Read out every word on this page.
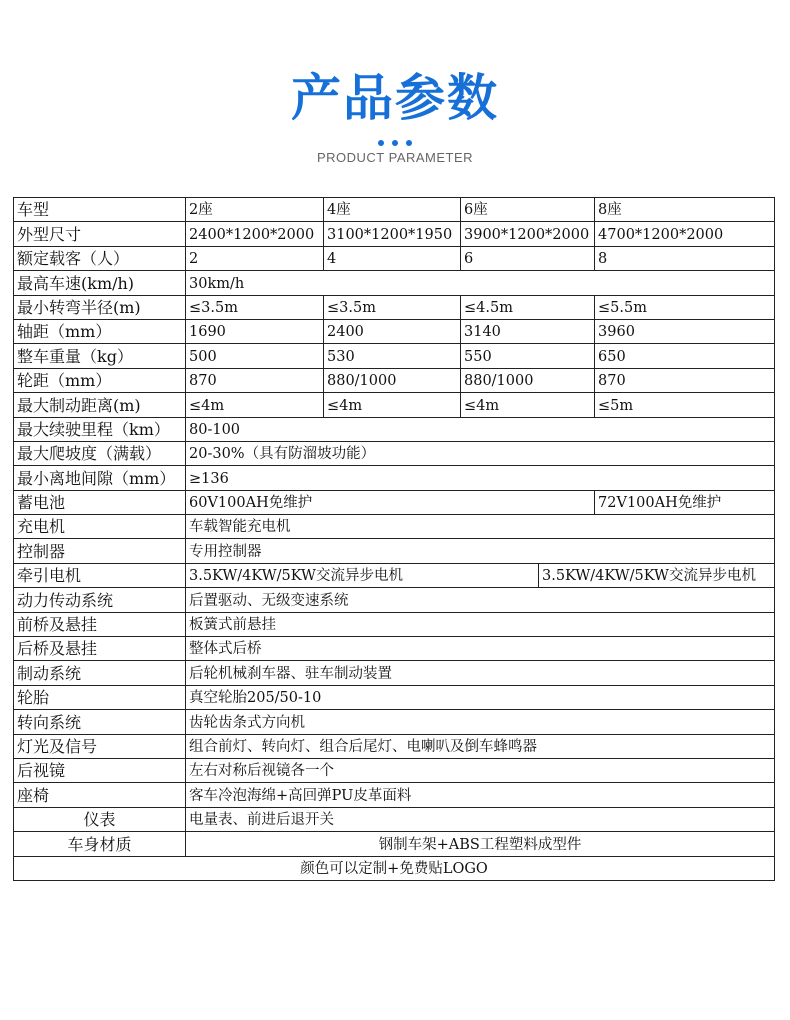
产品参数
PRODUCT PARAMETER
车型	2座	4座	6座		8座
外型尺寸	2400*1200*2000	3100*1200*1950	3900*1200*2000		4700*1200*2000
额定载客（人）	2	4	6		8
最高车速(km/h)	30km/h				
最小转弯半径(m)	≤3.5m	≤3.5m	≤4.5m		≤5.5m
轴距（mm）	1690	2400	3140		3960
整车重量（kg）	500	530	550		650
轮距（mm）	870	880/1000	880/1000		870
最大制动距离(m)	≤4m	≤4m	≤4m		≤5m
最大续驶里程（km）	80-100				
最大爬坡度（满载）	20-30%（具有防溜坡功能）				
最小离地间隙（mm）	≥136				
蓄电池	60V100AH免维护				72V100AH免维护
充电机	车载智能充电机				
控制器	专用控制器				
牵引电机	3.5KW/4KW/5KW交流异步电机			3.5KW/4KW/5KW交流异步电机	
动力传动系统	后置驱动、无级变速系统				
前桥及悬挂	板簧式前悬挂				
后桥及悬挂	整体式后桥				
制动系统	后轮机械刹车器、驻车制动装置				
轮胎	真空轮胎205/50-10				
转向系统	齿轮齿条式方向机				
灯光及信号	组合前灯、转向灯、组合后尾灯、电喇叭及倒车蜂鸣器				
后视镜	左右对称后视镜各一个				
座椅	客车冷泡海绵+高回弹PU皮革面料				
仪表	电量表、前进后退开关				
车身材质	钢制车架+ABS工程塑料成型件				
颜色可以定制+免费贴LOGO					
